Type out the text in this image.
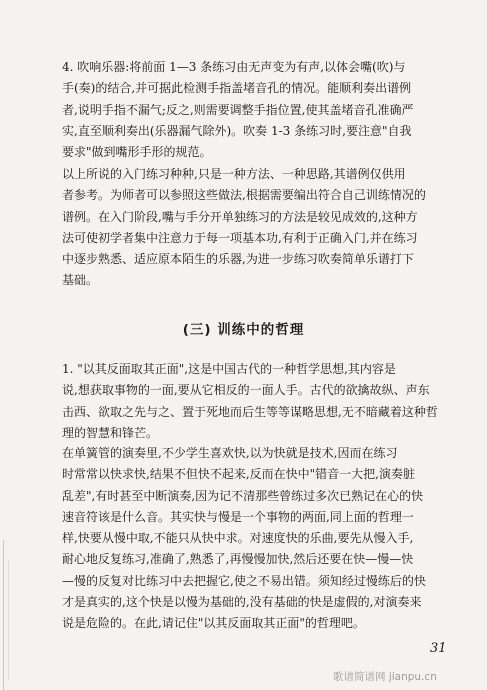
4. 吹响乐器:将前面 1—3 条练习由无声变为有声,以体会嘴(吹)与
手(奏)的结合,并可据此检测手指盖堵音孔的情况。能顺利奏出谱例
者,说明手指不漏气;反之,则需要调整手指位置,使其盖堵音孔准确严
实,直至顺利奏出(乐器漏气除外)。吹奏 1-3 条练习时,要注意"自我
要求"做到嘴形手形的规范。

以上所说的入门练习种种,只是一种方法、一种思路,其谱例仅供用
者参考。为师者可以参照这些做法,根据需要编出符合自己训练情况的
谱例。在入门阶段,嘴与手分开单独练习的方法是较见成效的,这种方
法可使初学者集中注意力于每一项基本功,有利于正确入门,并在练习
中逐步熟悉、适应原本陌生的乐器,为进一步练习吹奏简单乐谱打下
基础。

(三) 训练中的哲理

1. "以其反面取其正面",这是中国古代的一种哲学思想,其内容是
说,想获取事物的一面,要从它相反的一面人手。古代的欲擒故纵、声东
击西、欲取之先与之、置于死地而后生等等谋略思想,无不暗藏着这种哲
理的智慧和锋芒。

在单簧管的演奏里,不少学生喜欢快,以为快就是技术,因而在练习
时常常以快求快,结果不但快不起来,反而在快中"错音一大把,演奏脏
乱差",有时甚至中断演奏,因为记不清那些曾练过多次已熟记在心的快
速音符该是什么音。其实快与慢是一个事物的两面,同上面的哲理一
样,快要从慢中取,不能只从快中求。对速度快的乐曲,要先从慢入手,
耐心地反复练习,准确了,熟悉了,再慢慢加快,然后还要在快—慢—快
—慢的反复对比练习中去把握它,使之不易出错。须知经过慢练后的快
才是真实的,这个快是以慢为基础的,没有基础的快是虚假的,对演奏来
说是危险的。在此,请记住"以其反面取其正面"的哲理吧。

31
歌谱简谱网 jianpu.cn
